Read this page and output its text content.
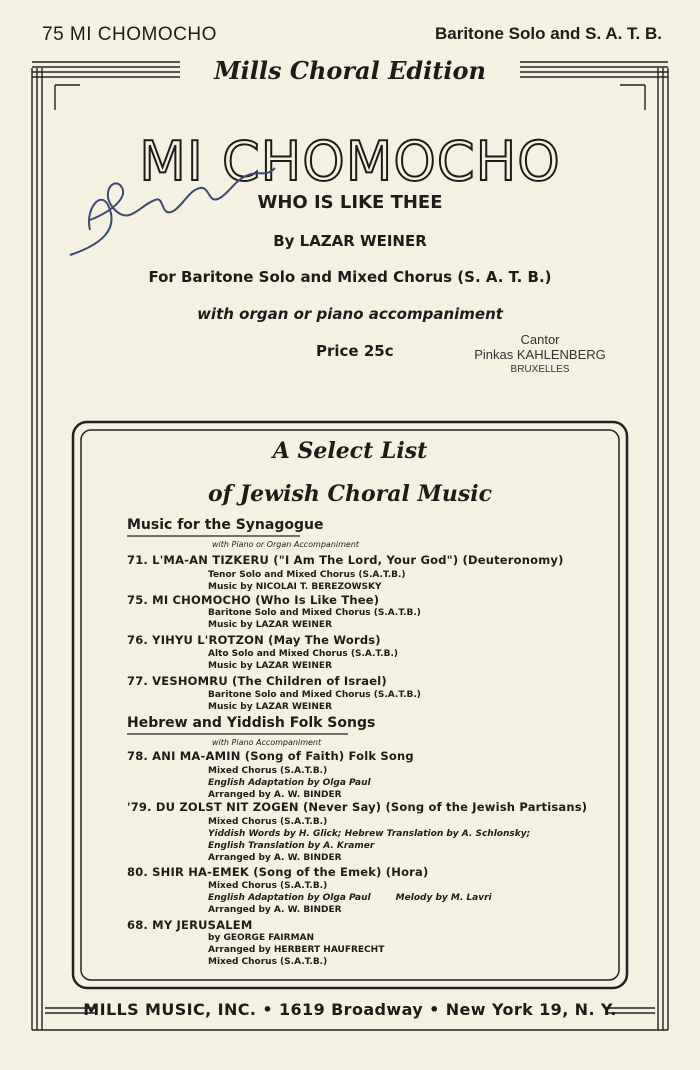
75 MI CHOMOCHO	Baritone Solo and S. A. T. B.
Mills Choral Edition
MI CHOMOCHO
WHO IS LIKE THEE
By LAZAR WEINER
For Baritone Solo and Mixed Chorus (S. A. T. B.)
with organ or piano accompaniment
Price 25c
Cantor
Pinkas KAHLENBERG
BRUXELLES
A Select List
of Jewish Choral Music
Music for the Synagogue
with Piano or Organ Accompaniment
71. L'MA-AN TIZKERU ("I Am The Lord, Your God") (Deuteronomy)
Tenor Solo and Mixed Chorus (S.A.T.B.)
Music by NICOLAI T. BEREZOWSKY
75. MI CHOMOCHO (Who Is Like Thee)
Baritone Solo and Mixed Chorus (S.A.T.B.)
Music by LAZAR WEINER
76. YIHYU L'ROTZON (May The Words)
Alto Solo and Mixed Chorus (S.A.T.B.)
Music by LAZAR WEINER
77. VESHOMRU (The Children of Israel)
Baritone Solo and Mixed Chorus (S.A.T.B.)
Music by LAZAR WEINER
Hebrew and Yiddish Folk Songs
with Piano Accompaniment
78. ANI MA-AMIN (Song of Faith) Folk Song
Mixed Chorus (S.A.T.B.)
English Adaptation by Olga Paul
Arranged by A. W. BINDER
'79. DU ZOLST NIT ZOGEN (Never Say) (Song of the Jewish Partisans)
Mixed Chorus (S.A.T.B.)
Yiddish Words by H. Glick; Hebrew Translation by A. Schlonsky;
English Translation by A. Kramer
Arranged by A. W. BINDER
80. SHIR HA-EMEK (Song of the Emek) (Hora)
Mixed Chorus (S.A.T.B.)
English Adaptation by Olga Paul        Melody by M. Lavri
Arranged by A. W. BINDER
68. MY JERUSALEM
by GEORGE FAIRMAN
Arranged by HERBERT HAUFRECHT
Mixed Chorus (S.A.T.B.)
MILLS MUSIC, INC. • 1619 Broadway • New York 19, N. Y.
